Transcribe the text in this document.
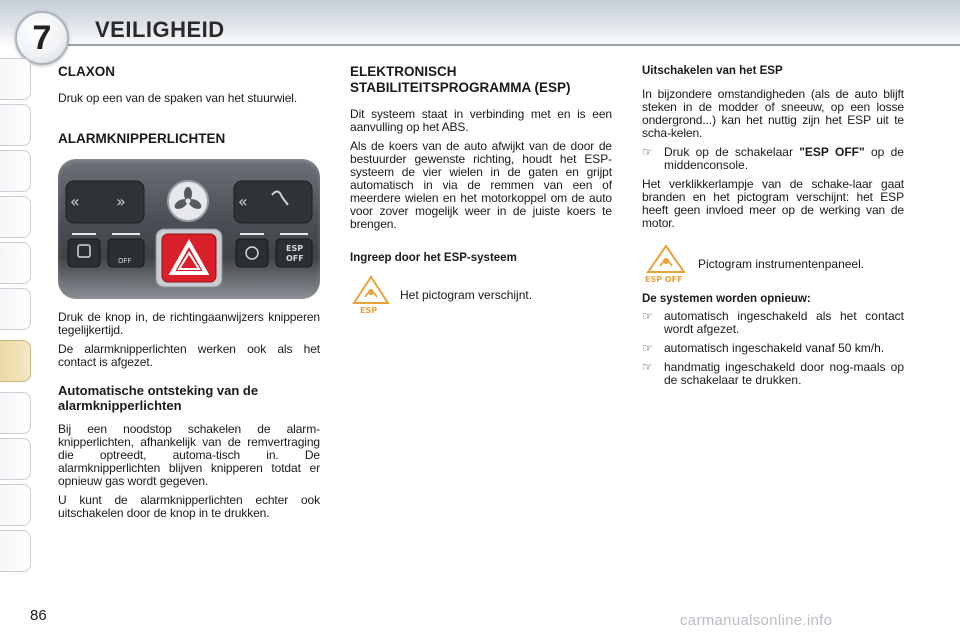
7 VEILIGHEID
CLAXON

Druk op een van de spaken van het stuurwiel.

ALARMKNIPPERLICHTEN
« »	«
OFF
ESP
OFF

Druk de knop in, de richtingaanwijzers knipperen tegelijkertijd.

De alarmknipperlichten werken ook als het contact is afgezet.

Automatische ontsteking van de alarmknipperlichten

Bij een noodstop schakelen de alarm-knipperlichten, afhankelijk van de remvertraging die optreedt, automa-tisch in. De alarmknipperlichten blijven knipperen totdat er opnieuw gas wordt gegeven.

U kunt de alarmknipperlichten echter ook uitschakelen door de knop in te drukken.

ELEKTRONISCH STABILITEITSPROGRAMMA (ESP)

Dit systeem staat in verbinding met en is een aanvulling op het ABS.

Als de koers van de auto afwijkt van de door de bestuurder gewenste richting, houdt het ESP-systeem de vier wielen in de gaten en grijpt automatisch in via de remmen van een of meerdere wielen en het motorkoppel om de auto voor zover mogelijk weer in de juiste koers te brengen.

Ingreep door het ESP-systeem
ESP
Het pictogram verschijnt.
Uitschakelen van het ESP

In bijzondere omstandigheden (als de auto blijft steken in de modder of sneeuw, op een losse ondergrond...) kan het nuttig zijn het ESP uit te scha-kelen.

☞ Druk op de schakelaar "ESP OFF" op de middenconsole.

Het verklikkerlampje van de schake-laar gaat branden en het pictogram verschijnt: het ESP heeft geen invloed meer op de werking van de motor.

ESP OFF
Pictogram instrumentenpaneel.
De systemen worden opnieuw:
☞ automatisch ingeschakeld als het contact wordt afgezet.
☞ automatisch ingeschakeld vanaf 50 km/h.
☞ handmatig ingeschakeld door nog-maals op de schakelaar te drukken.
86	carmanualsonline.info
